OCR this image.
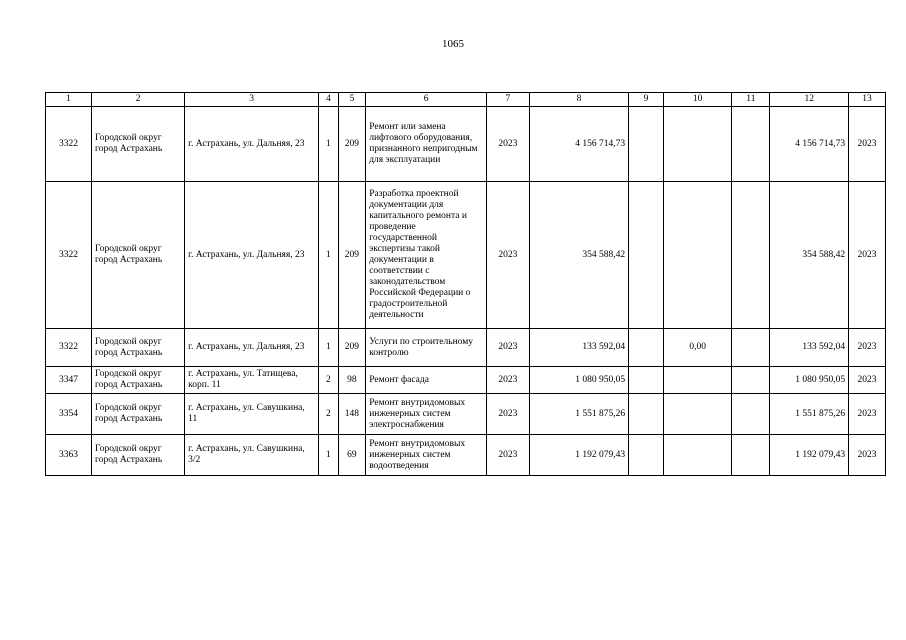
1065
1	2	3	4	5	6	7	8	9	10	11	12	13
3322	Городской округ город Астрахань	г. Астрахань, ул. Дальняя, 23	1	209	Ремонт или замена лифтового оборудования, признанного непригодным для эксплуатации	2023	4 156 714,73				4 156 714,73	2023
3322	Городской округ город Астрахань	г. Астрахань, ул. Дальняя, 23	1	209	Разработка проектной документации для капитального ремонта и проведение государственной экспертизы такой документации в соответствии с законодательством Российской Федерации о градостроительной деятельности	2023	354 588,42				354 588,42	2023
3322	Городской округ город Астрахань	г. Астрахань, ул. Дальняя, 23	1	209	Услуги по строительному контролю	2023	133 592,04		0,00		133 592,04	2023
3347	Городской округ город Астрахань	г. Астрахань, ул. Татищева, корп. 11	2	98	Ремонт фасада	2023	1 080 950,05				1 080 950,05	2023
3354	Городской округ город Астрахань	г. Астрахань, ул. Савушкина, 11	2	148	Ремонт внутридомовых инженерных систем электроснабжения	2023	1 551 875,26				1 551 875,26	2023
3363	Городской округ город Астрахань	г. Астрахань, ул. Савушкина, 3/2	1	69	Ремонт внутридомовых инженерных систем водоотведения	2023	1 192 079,43				1 192 079,43	2023
